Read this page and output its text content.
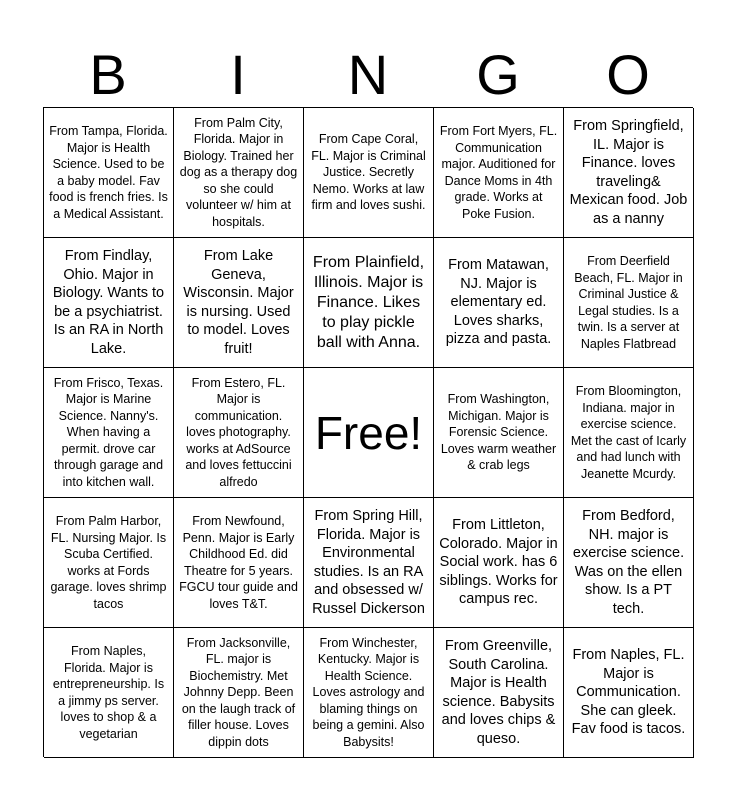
B	I	N	G	O
From Tampa, Florida. Major is Health Science. Used to be a baby model. Fav food is french fries. Is a Medical Assistant.
From Palm City, Florida. Major in Biology. Trained her dog as a therapy dog so she could volunteer w/ him at hospitals.
From Cape Coral, FL. Major is Criminal Justice. Secretly Nemo. Works at law firm and loves sushi.
From Fort Myers, FL. Communication major. Auditioned for Dance Moms in 4th grade. Works at Poke Fusion.
From Springfield, IL. Major is Finance. loves traveling& Mexican food. Job as a nanny
From Findlay, Ohio. Major in Biology. Wants to be a psychiatrist. Is an RA in North Lake.
From Lake Geneva, Wisconsin. Major is nursing. Used to model. Loves fruit!
From Plainfield, Illinois. Major is Finance. Likes to play pickle ball with Anna.
From Matawan, NJ. Major is elementary ed. Loves sharks, pizza and pasta.
From Deerfield Beach, FL. Major in Criminal Justice & Legal studies. Is a twin. Is a server at Naples Flatbread
From Frisco, Texas. Major is Marine Science. Nanny's. When having a permit. drove car through garage and into kitchen wall.
From Estero, FL. Major is communication. loves photography. works at AdSource and loves fettuccini alfredo
Free!
From Washington, Michigan. Major is Forensic Science. Loves warm weather & crab legs
From Bloomington, Indiana. major in exercise science. Met the cast of Icarly and had lunch with Jeanette Mcurdy.
From Palm Harbor, FL. Nursing Major. Is Scuba Certified. works at Fords garage. loves shrimp tacos
From Newfound, Penn. Major is Early Childhood Ed. did Theatre for 5 years. FGCU tour guide and loves T&T.
From Spring Hill, Florida. Major is Environmental studies. Is an RA and obsessed w/ Russel Dickerson
From Littleton, Colorado. Major in Social work. has 6 siblings. Works for campus rec.
From Bedford, NH. major is exercise science. Was on the ellen show. Is a PT tech.
From Naples, Florida. Major is entrepreneurship. Is a jimmy ps server. loves to shop & a vegetarian
From Jacksonville, FL. major is Biochemistry. Met Johnny Depp. Been on the laugh track of filler house. Loves dippin dots
From Winchester, Kentucky. Major is Health Science. Loves astrology and blaming things on being a gemini. Also Babysits!
From Greenville, South Carolina. Major is Health science. Babysits and loves chips & queso.
From Naples, FL. Major is Communication. She can gleek. Fav food is tacos.
